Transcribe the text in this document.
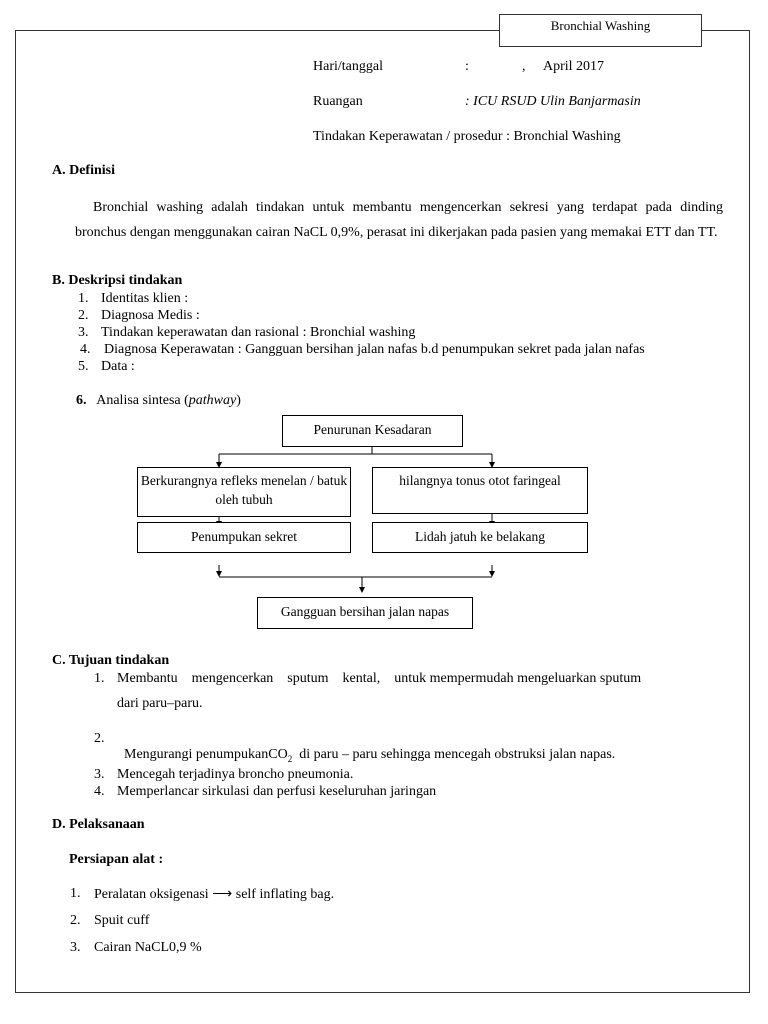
Bronchial Washing
Hari/tanggal	:	, April 2017
Ruangan	: ICU RSUD Ulin Banjarmasin
Tindakan Keperawatan / prosedur : Bronchial Washing
A. Definisi
Bronchial washing adalah tindakan untuk membantu mengencerkan sekresi yang terdapat pada dinding bronchus dengan menggunakan cairan NaCL 0,9%, perasat ini dikerjakan pada pasien yang memakai ETT dan TT.
B. Deskripsi tindakan
1. Identitas klien :
2. Diagnosa Medis :
3. Tindakan keperawatan dan rasional : Bronchial washing
4. Diagnosa Keperawatan : Gangguan bersihan jalan nafas b.d penumpukan sekret pada jalan nafas
5. Data :
6. Analisa sintesa (pathway)
Penurunan Kesadaran
Berkurangnya refleks menelan / batuk oleh tubuh
hilangnya tonus otot faringeal
Penumpukan sekret	Lidah jatuh ke belakang
Gangguan bersihan jalan napas
C. Tujuan tindakan
1. Membantu    mengencerkan    sputum    kental,    untuk mempermudah mengeluarkan sputum
dari paru–paru.
2.

Mengurangi penumpukanCO$_2$  di paru – paru sehingga mencegah obstruksi jalan napas.

3. Mencegah terjadinya broncho pneumonia.
4. Memperlancar sirkulasi dan perfusi keseluruhan jaringan
D. Pelaksanaan
Persiapan alat :
1. Peralatan oksigenasi ⟶ self inflating bag.
2. Spuit cuff
3. Cairan NaCL0,9 %
